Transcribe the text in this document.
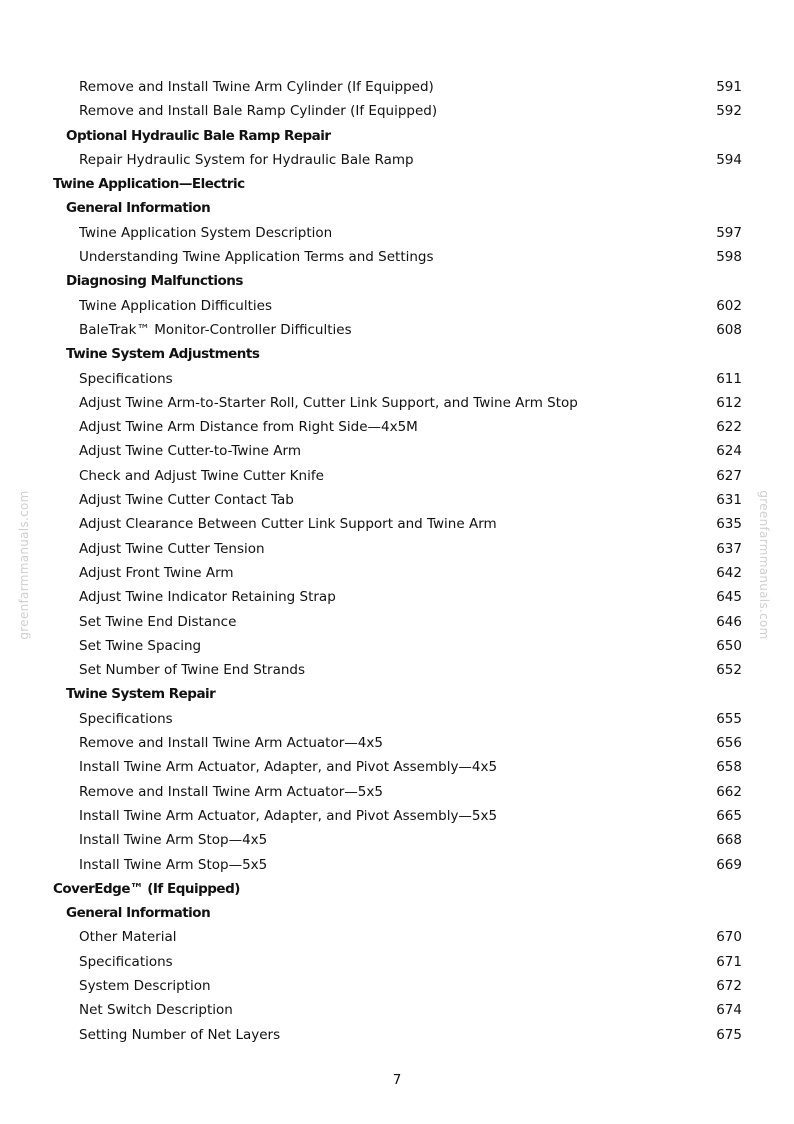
greenfarmmanuals.com	greenfarmmanuals.com
Remove and Install Twine Arm Cylinder (If Equipped)	591
Remove and Install Bale Ramp Cylinder (If Equipped)	592
Optional Hydraulic Bale Ramp Repair
Repair Hydraulic System for Hydraulic Bale Ramp	594
Twine Application—Electric
General Information
Twine Application System Description	597
Understanding Twine Application Terms and Settings	598
Diagnosing Malfunctions
Twine Application Difficulties	602
BaleTrak™ Monitor-Controller Difficulties	608
Twine System Adjustments
Specifications	611
Adjust Twine Arm-to-Starter Roll, Cutter Link Support, and Twine Arm Stop	612
Adjust Twine Arm Distance from Right Side—4x5M	622
Adjust Twine Cutter-to-Twine Arm	624
Check and Adjust Twine Cutter Knife	627
Adjust Twine Cutter Contact Tab	631
Adjust Clearance Between Cutter Link Support and Twine Arm	635
Adjust Twine Cutter Tension	637
Adjust Front Twine Arm	642
Adjust Twine Indicator Retaining Strap	645
Set Twine End Distance	646
Set Twine Spacing	650
Set Number of Twine End Strands	652
Twine System Repair
Specifications	655
Remove and Install Twine Arm Actuator—4x5	656
Install Twine Arm Actuator, Adapter, and Pivot Assembly—4x5	658
Remove and Install Twine Arm Actuator—5x5	662
Install Twine Arm Actuator, Adapter, and Pivot Assembly—5x5	665
Install Twine Arm Stop—4x5	668
Install Twine Arm Stop—5x5	669
CoverEdge™ (If Equipped)
General Information
Other Material	670
Specifications	671
System Description	672
Net Switch Description	674
Setting Number of Net Layers	675
7
